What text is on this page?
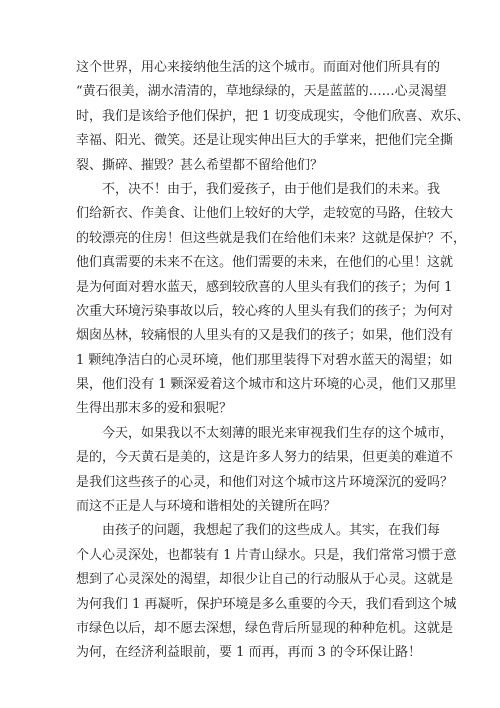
这个世界，用心来接纳他生活的这个城市。而面对他们所具有的
“黄石很美，湖水清清的，草地绿绿的，天是蓝蓝的……心灵渴望
时，我们是该给予他们保护，把 1 切变成现实，令他们欣喜、欢乐、
幸福、阳光、微笑。还是让现实伸出巨大的手掌来，把他们完全撕
裂、撕碎、摧毁？甚么希望都不留给他们？
　　不，决不！由于，我们爱孩子，由于他们是我们的未来。我
们给新衣、作美食、让他们上较好的大学，走较宽的马路，住较大
的较漂亮的住房！但这些就是我们在给他们未来？这就是保护？不，
他们真需要的未来不在这。他们需要的未来，在他们的心里！这就
是为何面对碧水蓝天，感到较欣喜的人里头有我们的孩子；为何 1
次重大环境污染事故以后，较心疼的人里头有我们的孩子；为何对
烟囱丛林，较痛恨的人里头有的又是我们的孩子；如果，他们没有
1 颗纯净洁白的心灵环境，他们那里装得下对碧水蓝天的渴望；如
果，他们没有 1 颗深爱着这个城市和这片环境的心灵，他们又那里
生得出那末多的爱和狠呢？
　　今天，如果我以不太刻薄的眼光来审视我们生存的这个城市，
是的，今天黄石是美的，这是许多人努力的结果，但更美的难道不
是我们这些孩子的心灵，和他们对这个城市这片环境深沉的爱吗？
而这不正是人与环境和谐相处的关键所在吗？
　　由孩子的问题，我想起了我们的这些成人。其实，在我们每
个人心灵深处，也都装有 1 片青山绿水。只是，我们常常习惯于意
想到了心灵深处的渴望，却很少让自己的行动服从于心灵。这就是
为何我们 1 再凝听，保护环境是多么重要的今天，我们看到这个城
市绿色以后，却不愿去深想，绿色背后所显现的种种危机。这就是
为何，在经济利益眼前，要 1 而再，再而 3 的令环保让路！
